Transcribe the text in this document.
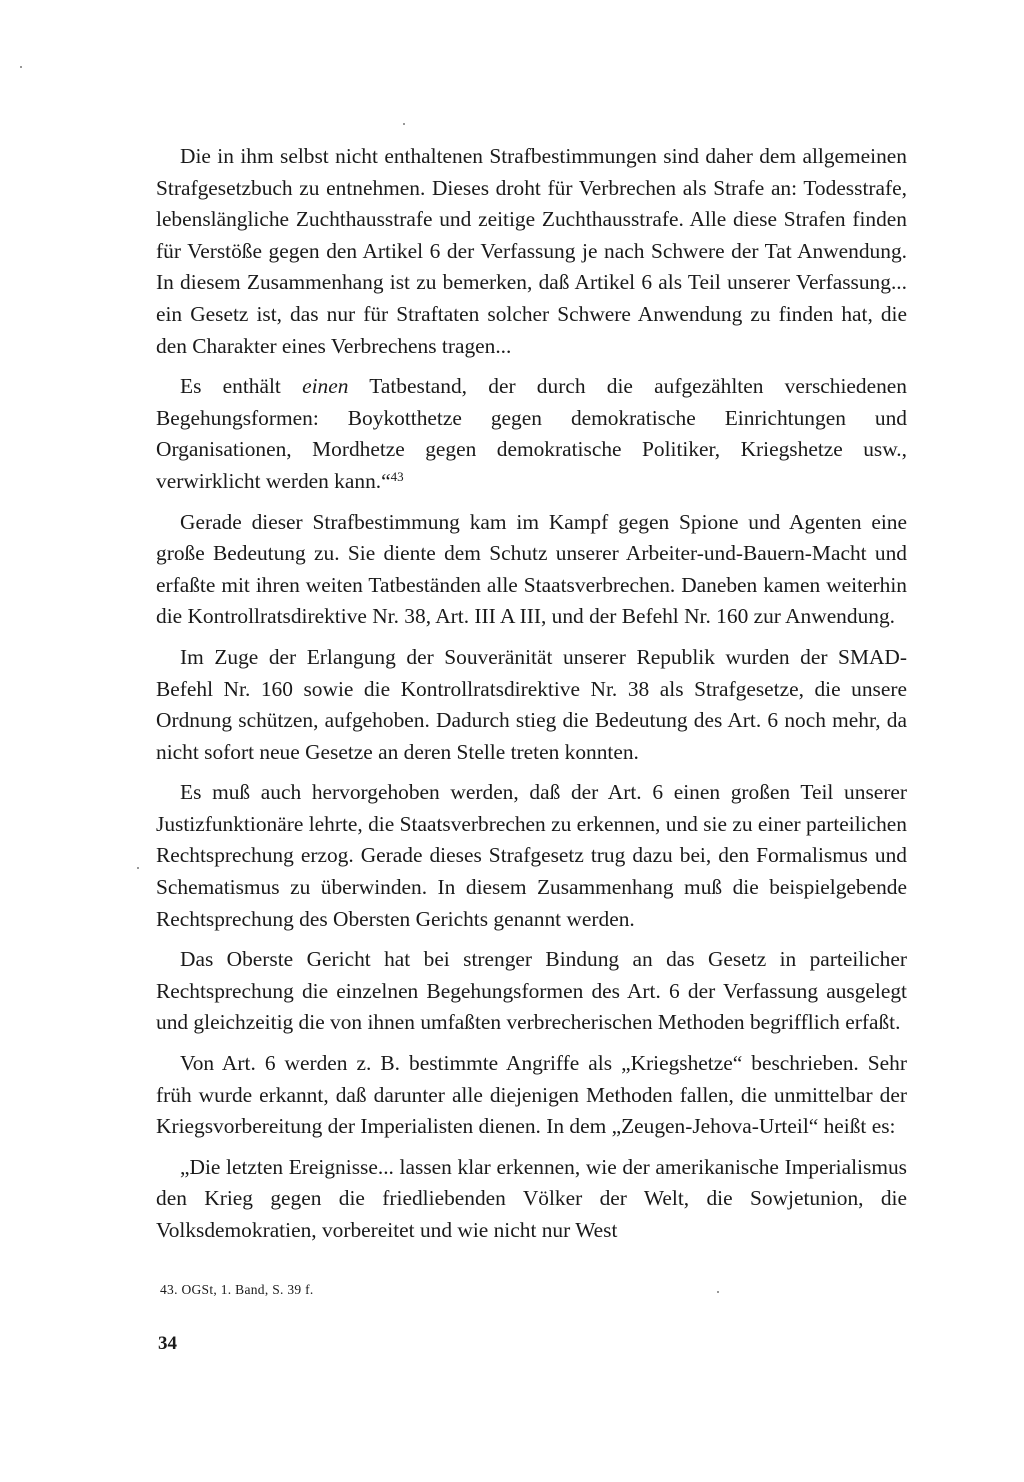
Die in ihm selbst nicht enthaltenen Strafbestimmungen sind daher dem allgemeinen Strafgesetzbuch zu entnehmen. Dieses droht für Verbrechen als Strafe an: Todesstrafe, lebenslängliche Zuchthausstrafe und zeitige Zuchthausstrafe. Alle diese Strafen finden für Verstöße gegen den Artikel 6 der Verfassung je nach Schwere der Tat Anwendung. In diesem Zusammenhang ist zu bemerken, daß Artikel 6 als Teil unserer Verfassung... ein Gesetz ist, das nur für Straftaten solcher Schwere Anwendung zu finden hat, die den Charakter eines Verbrechens tragen...

Es enthält einen Tatbestand, der durch die aufgezählten verschiedenen Begehungsformen: Boykotthetze gegen demokratische Einrichtungen und Organisationen, Mordhetze gegen demokratische Politiker, Kriegshetze usw., verwirklicht werden kann.“$^{43}$

Gerade dieser Strafbestimmung kam im Kampf gegen Spione und Agenten eine große Bedeutung zu. Sie diente dem Schutz unserer Arbeiter-und-Bauern-Macht und erfaßte mit ihren weiten Tatbeständen alle Staatsverbrechen. Daneben kamen weiterhin die Kontrollratsdirektive Nr. 38, Art. III A III, und der Befehl Nr. 160 zur Anwendung.

Im Zuge der Erlangung der Souveränität unserer Republik wurden der SMAD-Befehl Nr. 160 sowie die Kontrollratsdirektive Nr. 38 als Strafgesetze, die unsere Ordnung schützen, aufgehoben. Dadurch stieg die Bedeutung des Art. 6 noch mehr, da nicht sofort neue Gesetze an deren Stelle treten konnten.

Es muß auch hervorgehoben werden, daß der Art. 6 einen großen Teil unserer Justizfunktionäre lehrte, die Staatsverbrechen zu erkennen, und sie zu einer parteilichen Rechtsprechung erzog. Gerade dieses Strafgesetz trug dazu bei, den Formalismus und Schematismus zu überwinden. In diesem Zusammenhang muß die beispielgebende Rechtsprechung des Obersten Gerichts genannt werden.

Das Oberste Gericht hat bei strenger Bindung an das Gesetz in parteilicher Rechtsprechung die einzelnen Begehungsformen des Art. 6 der Verfassung ausgelegt und gleichzeitig die von ihnen umfaßten verbrecherischen Methoden begrifflich erfaßt.

Von Art. 6 werden z. B. bestimmte Angriffe als „Kriegshetze“ beschrieben. Sehr früh wurde erkannt, daß darunter alle diejenigen Methoden fallen, die unmittelbar der Kriegsvorbereitung der Imperialisten dienen. In dem „Zeugen-Jehova-Urteil“ heißt es:

„Die letzten Ereignisse... lassen klar erkennen, wie der amerikanische Imperialismus den Krieg gegen die friedliebenden Völker der Welt, die Sowjetunion, die Volksdemokratien, vorbereitet und wie nicht nur West

43. OGSt, 1. Band, S. 39 f.
34
